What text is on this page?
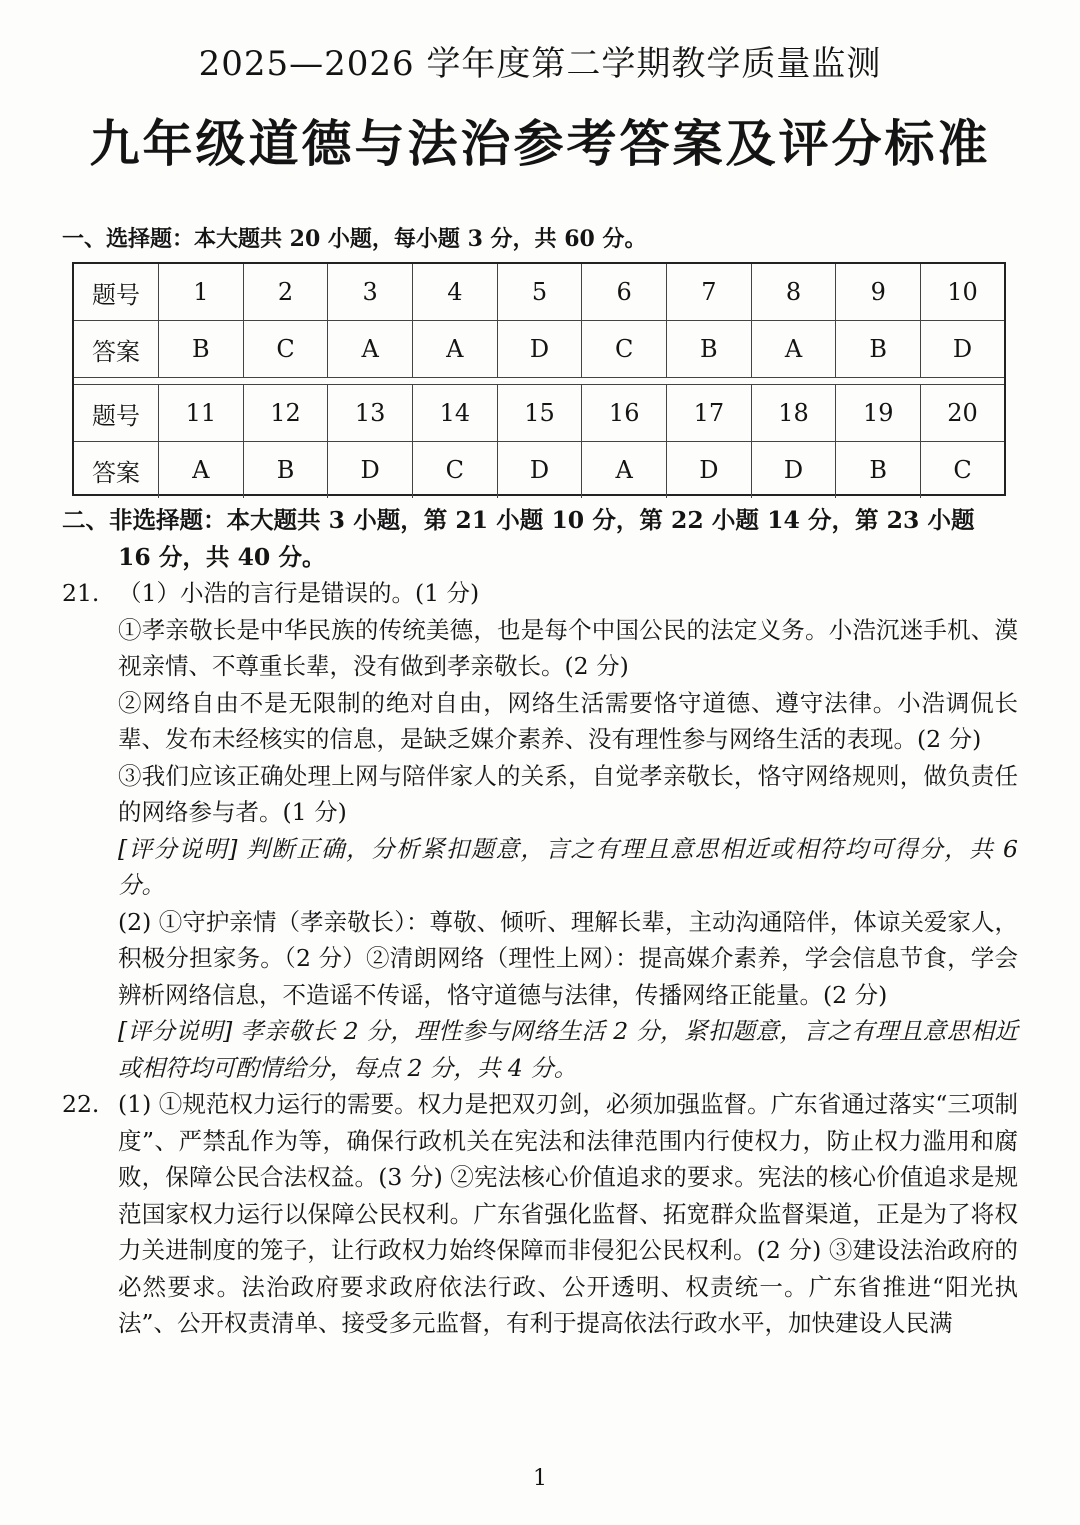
2025—2026 学年度第二学期教学质量监测
九年级道德与法治参考答案及评分标准
一、选择题：本大题共 20 小题，每小题 3 分，共 60 分。
题号	1	2	3	4	5	6	7	8	9	10
答案	B	C	A	A	D	C	B	A	B	D

题号	11	12	13	14	15	16	17	18	19	20
答案	A	B	D	C	D	A	D	D	B	C

二、非选择题：本大题共 3 小题，第 21 小题 10 分，第 22 小题 14 分，第 23 小题

16 分，共 40 分。

21. （1）小浩的言行是错误的。(1 分)

①孝亲敬长是中华民族的传统美德，也是每个中国公民的法定义务。小浩沉迷手机、漠视亲情、不尊重长辈，没有做到孝亲敬长。(2 分)

②网络自由不是无限制的绝对自由，网络生活需要恪守道德、遵守法律。小浩调侃长辈、发布未经核实的信息，是缺乏媒介素养、没有理性参与网络生活的表现。(2 分)

③我们应该正确处理上网与陪伴家人的关系，自觉孝亲敬长，恪守网络规则，做负责任的网络参与者。(1 分)

[评分说明] 判断正确，分析紧扣题意，言之有理且意思相近或相符均可得分，共 6 分。

(2) ①守护亲情（孝亲敬长）：尊敬、倾听、理解长辈，主动沟通陪伴，体谅关爱家人，积极分担家务。（2 分）②清朗网络（理性上网）：提高媒介素养，学会信息节食，学会辨析网络信息，不造谣不传谣，恪守道德与法律，传播网络正能量。(2 分)

[评分说明] 孝亲敬长 2 分，理性参与网络生活 2 分，紧扣题意，言之有理且意思相近或相符均可酌情给分，每点 2 分，共 4 分。

22. (1) ①规范权力运行的需要。权力是把双刃剑，必须加强监督。广东省通过落实“三项制度”、严禁乱作为等，确保行政机关在宪法和法律范围内行使权力，防止权力滥用和腐败，保障公民合法权益。(3 分) ②宪法核心价值追求的要求。宪法的核心价值追求是规范国家权力运行以保障公民权利。广东省强化监督、拓宽群众监督渠道，正是为了将权力关进制度的笼子，让行政权力始终保障而非侵犯公民权利。(2 分) ③建设法治政府的必然要求。法治政府要求政府依法行政、公开透明、权责统一。广东省推进“阳光执法”、公开权责清单、接受多元监督，有利于提高依法行政水平，加快建设人民满
1
